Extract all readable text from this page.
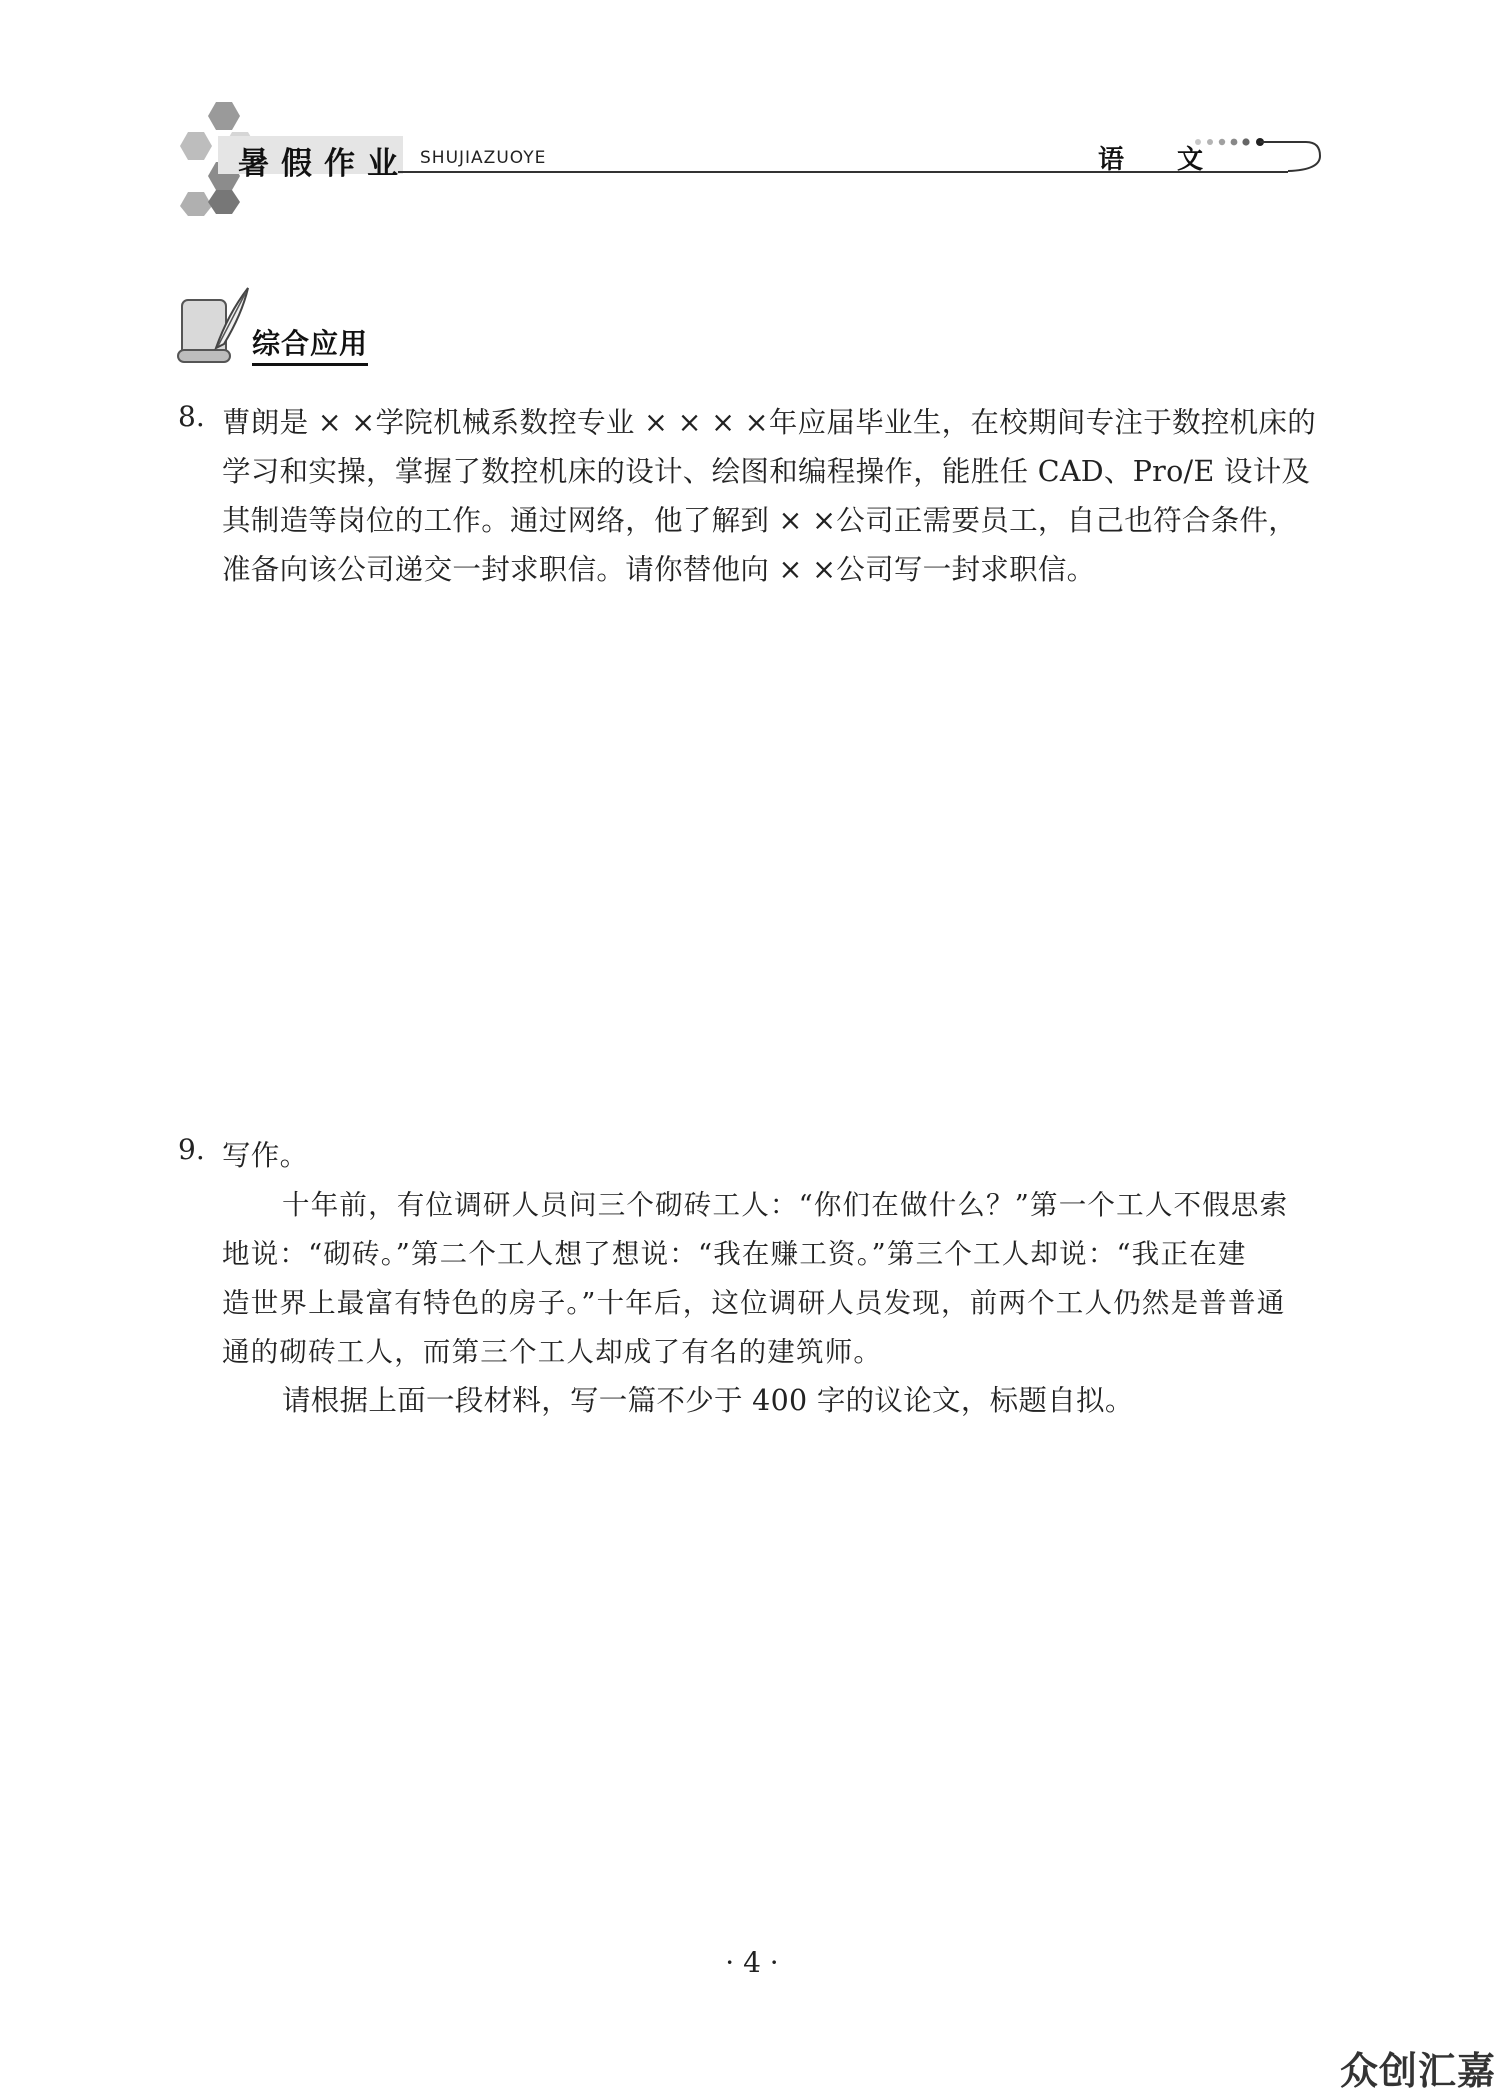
暑假作业 SHUJIAZUOYE	语 文
综合应用
8. 曹朗是 × ×学院机械系数控专业 × × × ×年应届毕业生，在校期间专注于数控机床的
学习和实操，掌握了数控机床的设计、绘图和编程操作，能胜任 CAD、Pro/E 设计及
其制造等岗位的工作。通过网络，他了解到 × ×公司正需要员工，自己也符合条件，
准备向该公司递交一封求职信。请你替他向 × ×公司写一封求职信。
9. 写作。
十年前，有位调研人员问三个砌砖工人：“你们在做什么？”第一个工人不假思索
地说：“砌砖。”第二个工人想了想说：“我在赚工资。”第三个工人却说：“我正在建
造世界上最富有特色的房子。”十年后，这位调研人员发现，前两个工人仍然是普普通
通的砌砖工人，而第三个工人却成了有名的建筑师。
请根据上面一段材料，写一篇不少于 400 字的议论文，标题自拟。
· 4 ·
众创汇嘉
